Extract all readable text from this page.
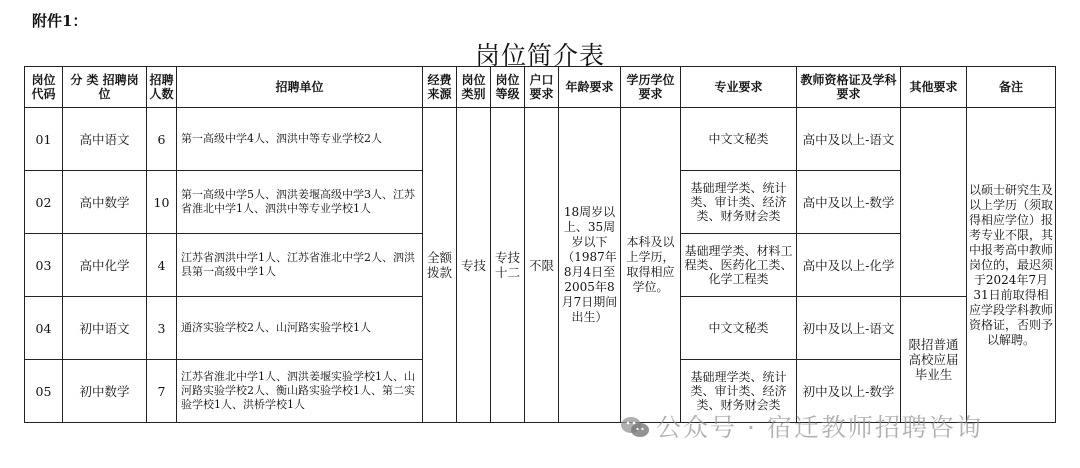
附件1：
岗位简介表
岗位代码	分 类 招聘岗位	招聘人数	招聘单位	经费来源	岗位类别	岗位等级	户口要求	年龄要求	学历学位要求	专业要求	教师资格证及学科要求	其他要求	备注
01	高中语文	6	第一高级中学4人、泗洪中等专业学校2人	全额拨款	专技	专技十二	不限	18周岁以上、35周岁以下（1987年8月4日至2005年8月7日期间出生）	本科及以上学历，取得相应学位。	中文文秘类	高中及以上-语文		以硕士研究生及以上学历（须取得相应学位）报考专业不限，其中报考高中教师岗位的，最迟须于2024年7月31日前取得相应学段学科教师资格证，否则予以解聘。
02	高中数学	10	第一高级中学5人、泗洪姜堰高级中学3人、江苏省淮北中学1人、泗洪中等专业学校1人							基础理学类、统计类、审计类、经济类、财务财会类	高中及以上-数学		
03	高中化学	4	江苏省泗洪中学1人、江苏省淮北中学2人、泗洪县第一高级中学1人							基础理学类、材料工程类、医药化工类、化学工程类	高中及以上-化学		
04	初中语文	3	通济实验学校2人、山河路实验学校1人							中文文秘类	初中及以上-语文	限招普通高校应届毕业生	
05	初中数学	7	江苏省淮北中学1人、泗洪姜堰实验学校1人、山河路实验学校2人、衡山路实验学校1人、第二实验学校1人、洪桥学校1人							基础理学类、统计类、审计类、经济类、财务财会类	初中及以上-数学		
公众号 · 宿迁教师招聘咨询
